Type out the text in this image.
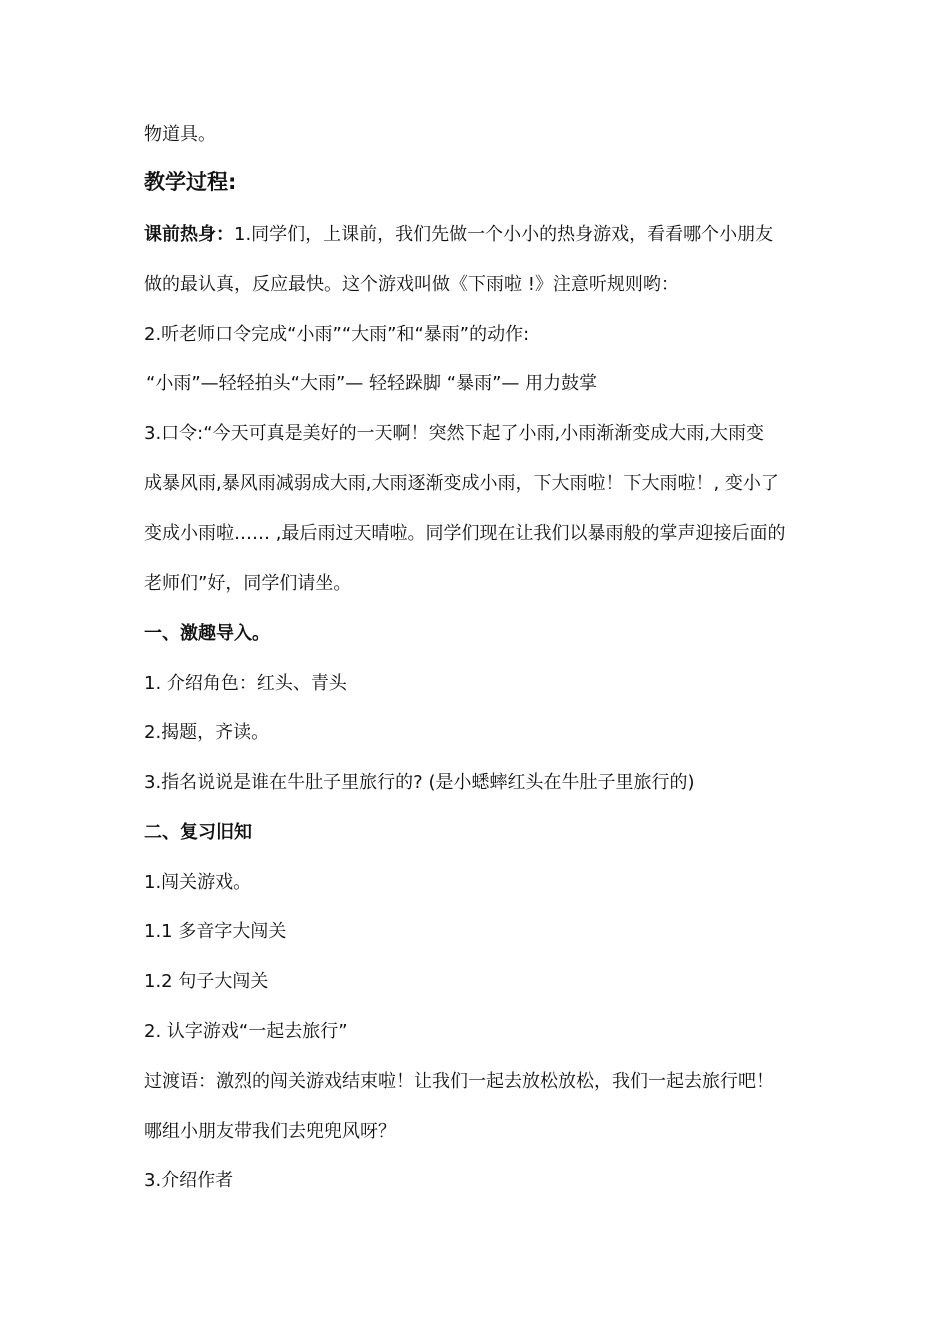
物道具。
教学过程:
课前热身：1.同学们，上课前，我们先做一个小小的热身游戏，看看哪个小朋友
做的最认真，反应最快。这个游戏叫做《下雨啦 !》注意听规则哟：
2.听老师口令完成“小雨”“大雨”和“暴雨”的动作:
“小雨”—轻轻拍头“大雨”— 轻轻跺脚 “暴雨”— 用力鼓掌
3.口令:“今天可真是美好的一天啊！突然下起了小雨,小雨渐渐变成大雨,大雨变
成暴风雨,暴风雨减弱成大雨,大雨逐渐变成小雨，下大雨啦！下大雨啦！, 变小了
变成小雨啦…… ,最后雨过天晴啦。同学们现在让我们以暴雨般的掌声迎接后面的
老师们”好，同学们请坐。
一、激趣导入。
1. 介绍角色：红头、青头
2.揭题，齐读。
3.指名说说是谁在牛肚子里旅行的? (是小蟋蟀红头在牛肚子里旅行的)
二、复习旧知
1.闯关游戏。
1.1 多音字大闯关
1.2 句子大闯关
2. 认字游戏“一起去旅行”
过渡语：激烈的闯关游戏结束啦！让我们一起去放松放松，我们一起去旅行吧！
哪组小朋友带我们去兜兜风呀？
3.介绍作者
